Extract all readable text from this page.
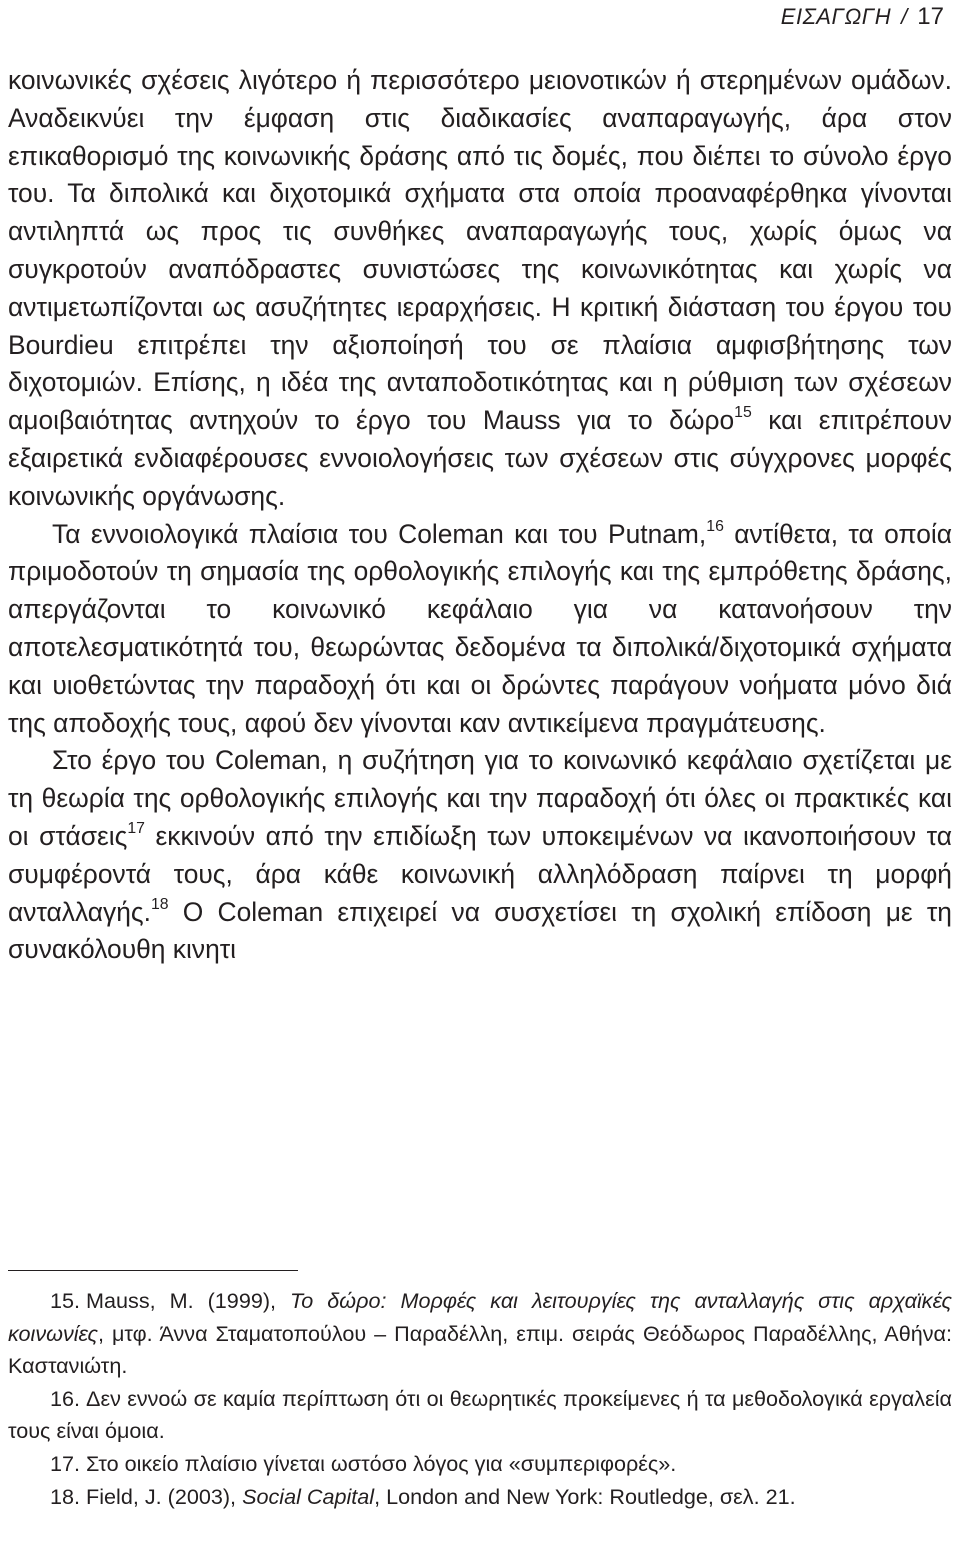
ΕΙΣΑΓΩΓΗ / 17

κοινωνικές σχέσεις λιγότερο ή περισσότερο μειονοτικών ή στερημένων ομάδων. Αναδεικνύει την έμφαση στις διαδικασίες αναπαραγωγής, άρα στον επικαθορισμό της κοινωνικής δράσης από τις δομές, που διέπει το σύνολο έργο του. Τα διπολικά και διχοτομικά σχήματα στα οποία προαναφέρθηκα γίνονται αντιληπτά ως προς τις συνθήκες αναπαραγωγής τους, χωρίς όμως να συγκροτούν αναπόδραστες συνιστώσες της κοινωνικότητας και χωρίς να αντιμετωπίζονται ως ασυζήτητες ιεραρχήσεις. Η κριτική διάσταση του έργου του Bourdieu επιτρέπει την αξιοποίησή του σε πλαίσια αμφισβήτησης των διχοτομιών. Επίσης, η ιδέα της ανταποδοτικότητας και η ρύθμιση των σχέσεων αμοιβαιότητας αντηχούν το έργο του Mauss για το δώρο$^{15}$ και επιτρέπουν εξαιρετικά ενδιαφέρουσες εννοιολογήσεις των σχέσεων στις σύγχρονες μορφές κοινωνικής οργάνωσης.

Τα εννοιολογικά πλαίσια του Coleman και του Putnam,$^{16}$ αντίθετα, τα οποία πριμοδοτούν τη σημασία της ορθολογικής επιλογής και της εμπρόθετης δράσης, απεργάζονται το κοινωνικό κεφάλαιο για να κατανοήσουν την αποτελεσματικότητά του, θεωρώντας δεδομένα τα διπολικά/διχοτομικά σχήματα και υιοθετώντας την παραδοχή ότι και οι δρώντες παράγουν νοήματα μόνο διά της αποδοχής τους, αφού δεν γίνονται καν αντικείμενα πραγμάτευσης.

Στο έργο του Coleman, η συζήτηση για το κοινωνικό κεφάλαιο σχετίζεται με τη θεωρία της ορθολογικής επιλογής και την παραδοχή ότι όλες οι πρακτικές και οι στάσεις$^{17}$ εκκινούν από την επιδίωξη των υποκειμένων να ικανοποιήσουν τα συμφέροντά τους, άρα κάθε κοινωνική αλληλόδραση παίρνει τη μορφή ανταλλαγής.$^{18}$ Ο Coleman επιχειρεί να συσχετίσει τη σχολική επίδοση με τη συνακόλουθη κινητι

15. Mauss, M. (1999), Το δώρο: Μορφές και λειτουργίες της ανταλλαγής στις αρχαϊκές κοινωνίες, μτφ. Άννα Σταματοπούλου – Παραδέλλη, επιμ. σειράς Θεόδωρος Παραδέλλης, Αθήνα: Καστανιώτη.

16. Δεν εννοώ σε καμία περίπτωση ότι οι θεωρητικές προκείμενες ή τα μεθοδολογικά εργαλεία τους είναι όμοια.

17. Στο οικείο πλαίσιο γίνεται ωστόσο λόγος για «συμπεριφορές».

18. Field, J. (2003), Social Capital, London and New York: Routledge, σελ. 21.
